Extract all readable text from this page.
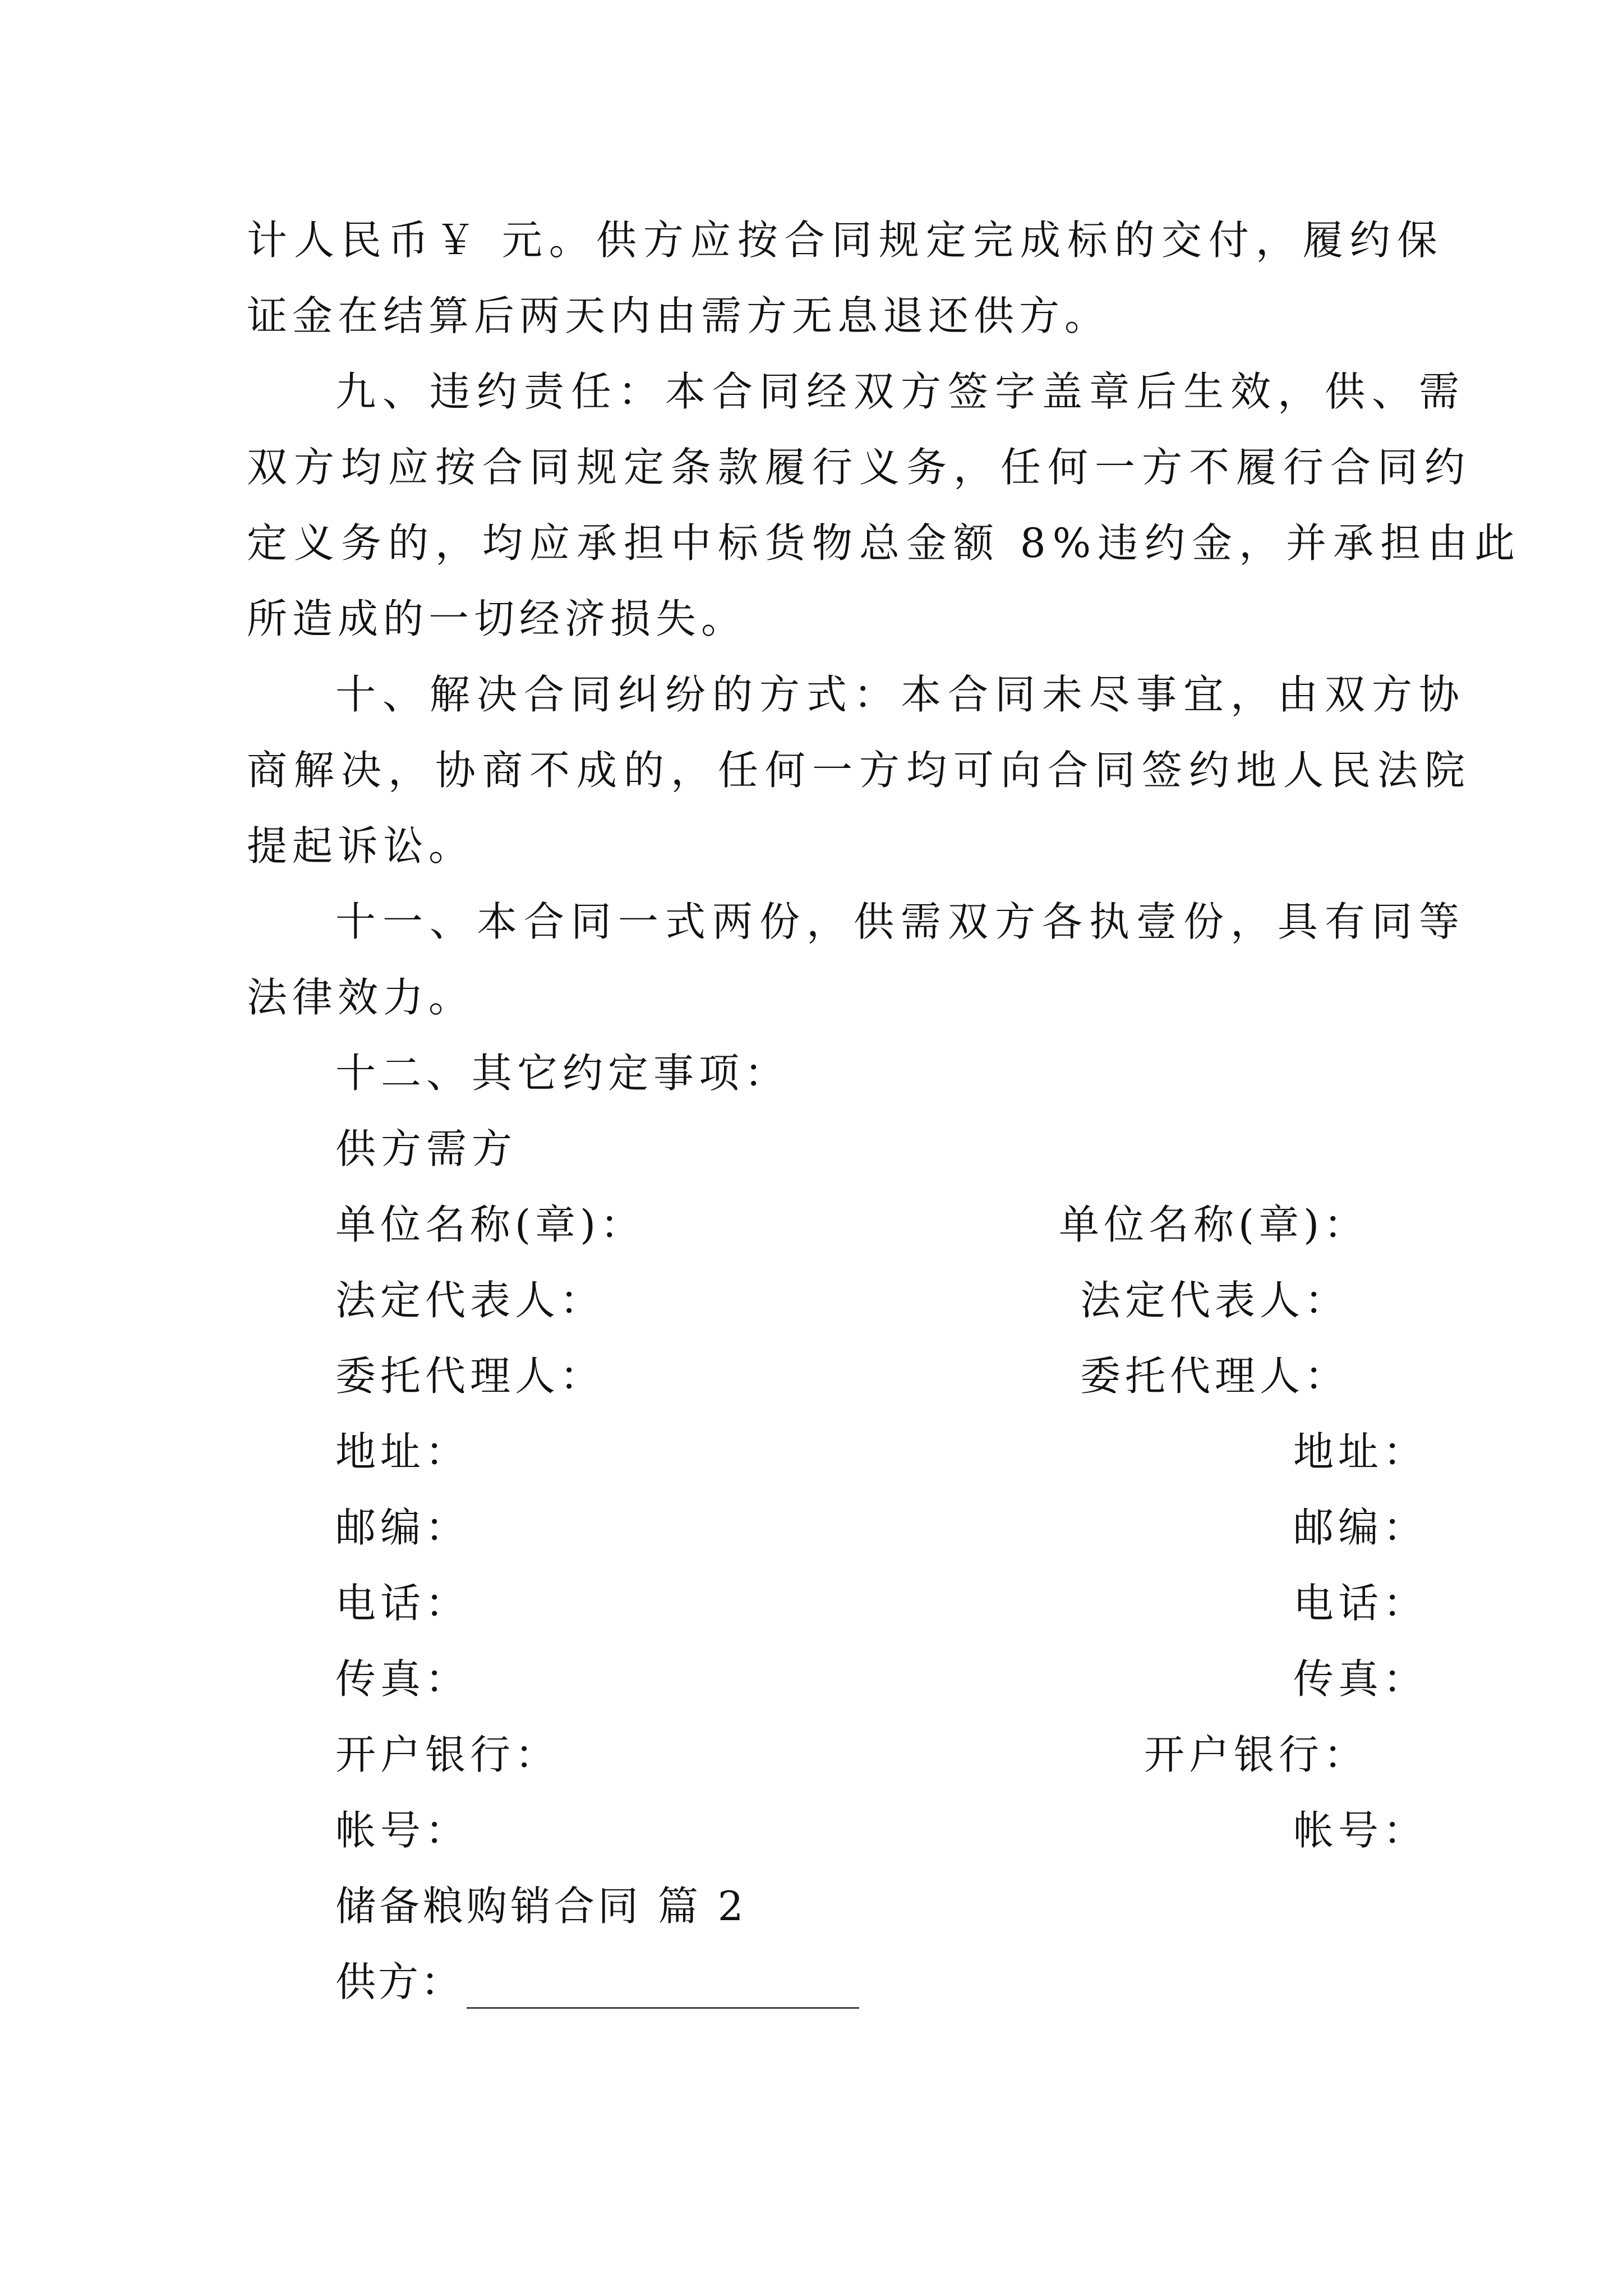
计人民币￥ 元。供方应按合同规定完成标的交付，履约保
证金在结算后两天内由需方无息退还供方。
九、违约责任：本合同经双方签字盖章后生效，供、需
双方均应按合同规定条款履行义务，任何一方不履行合同约
定义务的，均应承担中标货物总金额 8%违约金，并承担由此
所造成的一切经济损失。
十、解决合同纠纷的方式：本合同未尽事宜，由双方协
商解决，协商不成的，任何一方均可向合同签约地人民法院
提起诉讼。
十一、本合同一式两份，供需双方各执壹份，具有同等
法律效力。
十二、其它约定事项：
供方需方
单位名称(章)：	单位名称(章)：
法定代表人：	法定代表人：
委托代理人：	委托代理人：
地址：	地址：
邮编：	邮编：
电话：	电话：
传真：	传真：
开户银行：	开户银行：
帐号：	帐号：
储备粮购销合同 篇 2
供方：
